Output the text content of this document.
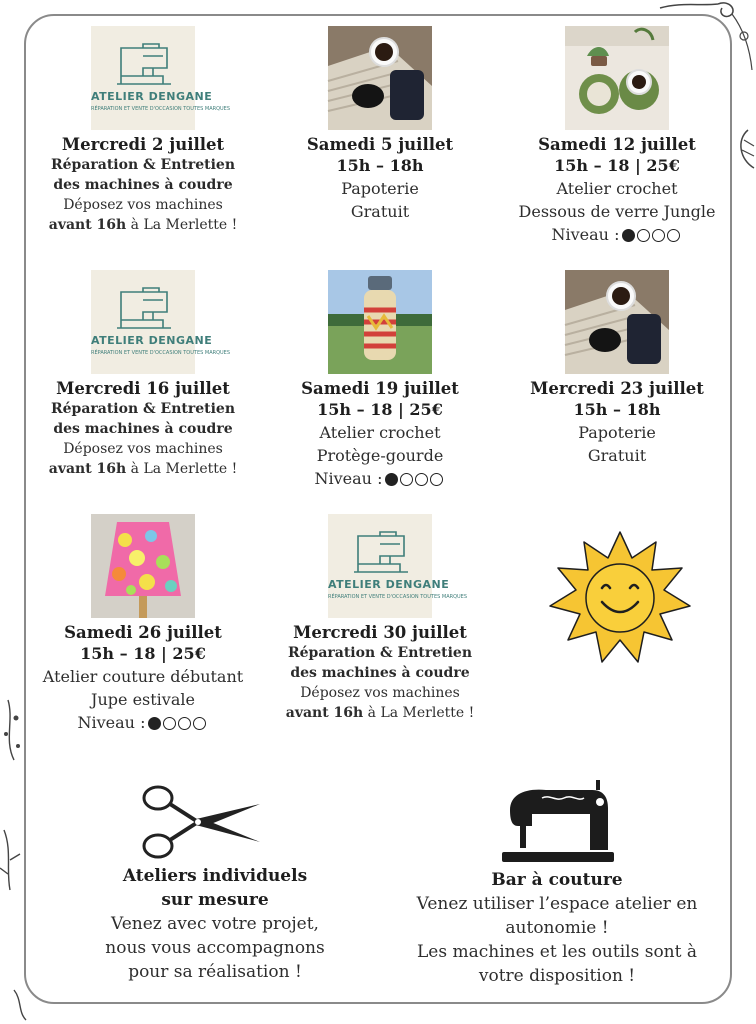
ATELIER DENGANE
RÉPARATION ET VENTE D'OCCASION TOUTES MARQUES
Mercredi 2 juillet
Réparation & Entretien
des machines à coudre
Déposez vos machines
avant 16h à La Merlette !
Samedi 5 juillet
15h – 18h
Papoterie
Gratuit
Samedi 12 juillet
15h – 18 | 25€
Atelier crochet
Dessous de verre Jungle
Niveau :
ATELIER DENGANE
RÉPARATION ET VENTE D'OCCASION TOUTES MARQUES
Mercredi 16 juillet
Réparation & Entretien
des machines à coudre
Déposez vos machines
avant 16h à La Merlette !
Samedi 19 juillet
15h – 18 | 25€
Atelier crochet
Protège-gourde
Niveau :
Mercredi 23 juillet
15h – 18h
Papoterie
Gratuit
Samedi 26 juillet
15h – 18 | 25€
Atelier couture débutant
Jupe estivale
Niveau :
ATELIER DENGANE
RÉPARATION ET VENTE D'OCCASION TOUTES MARQUES
Mercredi 30 juillet
Réparation & Entretien
des machines à coudre
Déposez vos machines
avant 16h à La Merlette !
Ateliers individuels
sur mesure
Venez avec votre projet,
nous vous accompagnons
pour sa réalisation !
Bar à couture
Venez utiliser l’espace atelier en
autonomie !
Les machines et les outils sont à
votre disposition !
